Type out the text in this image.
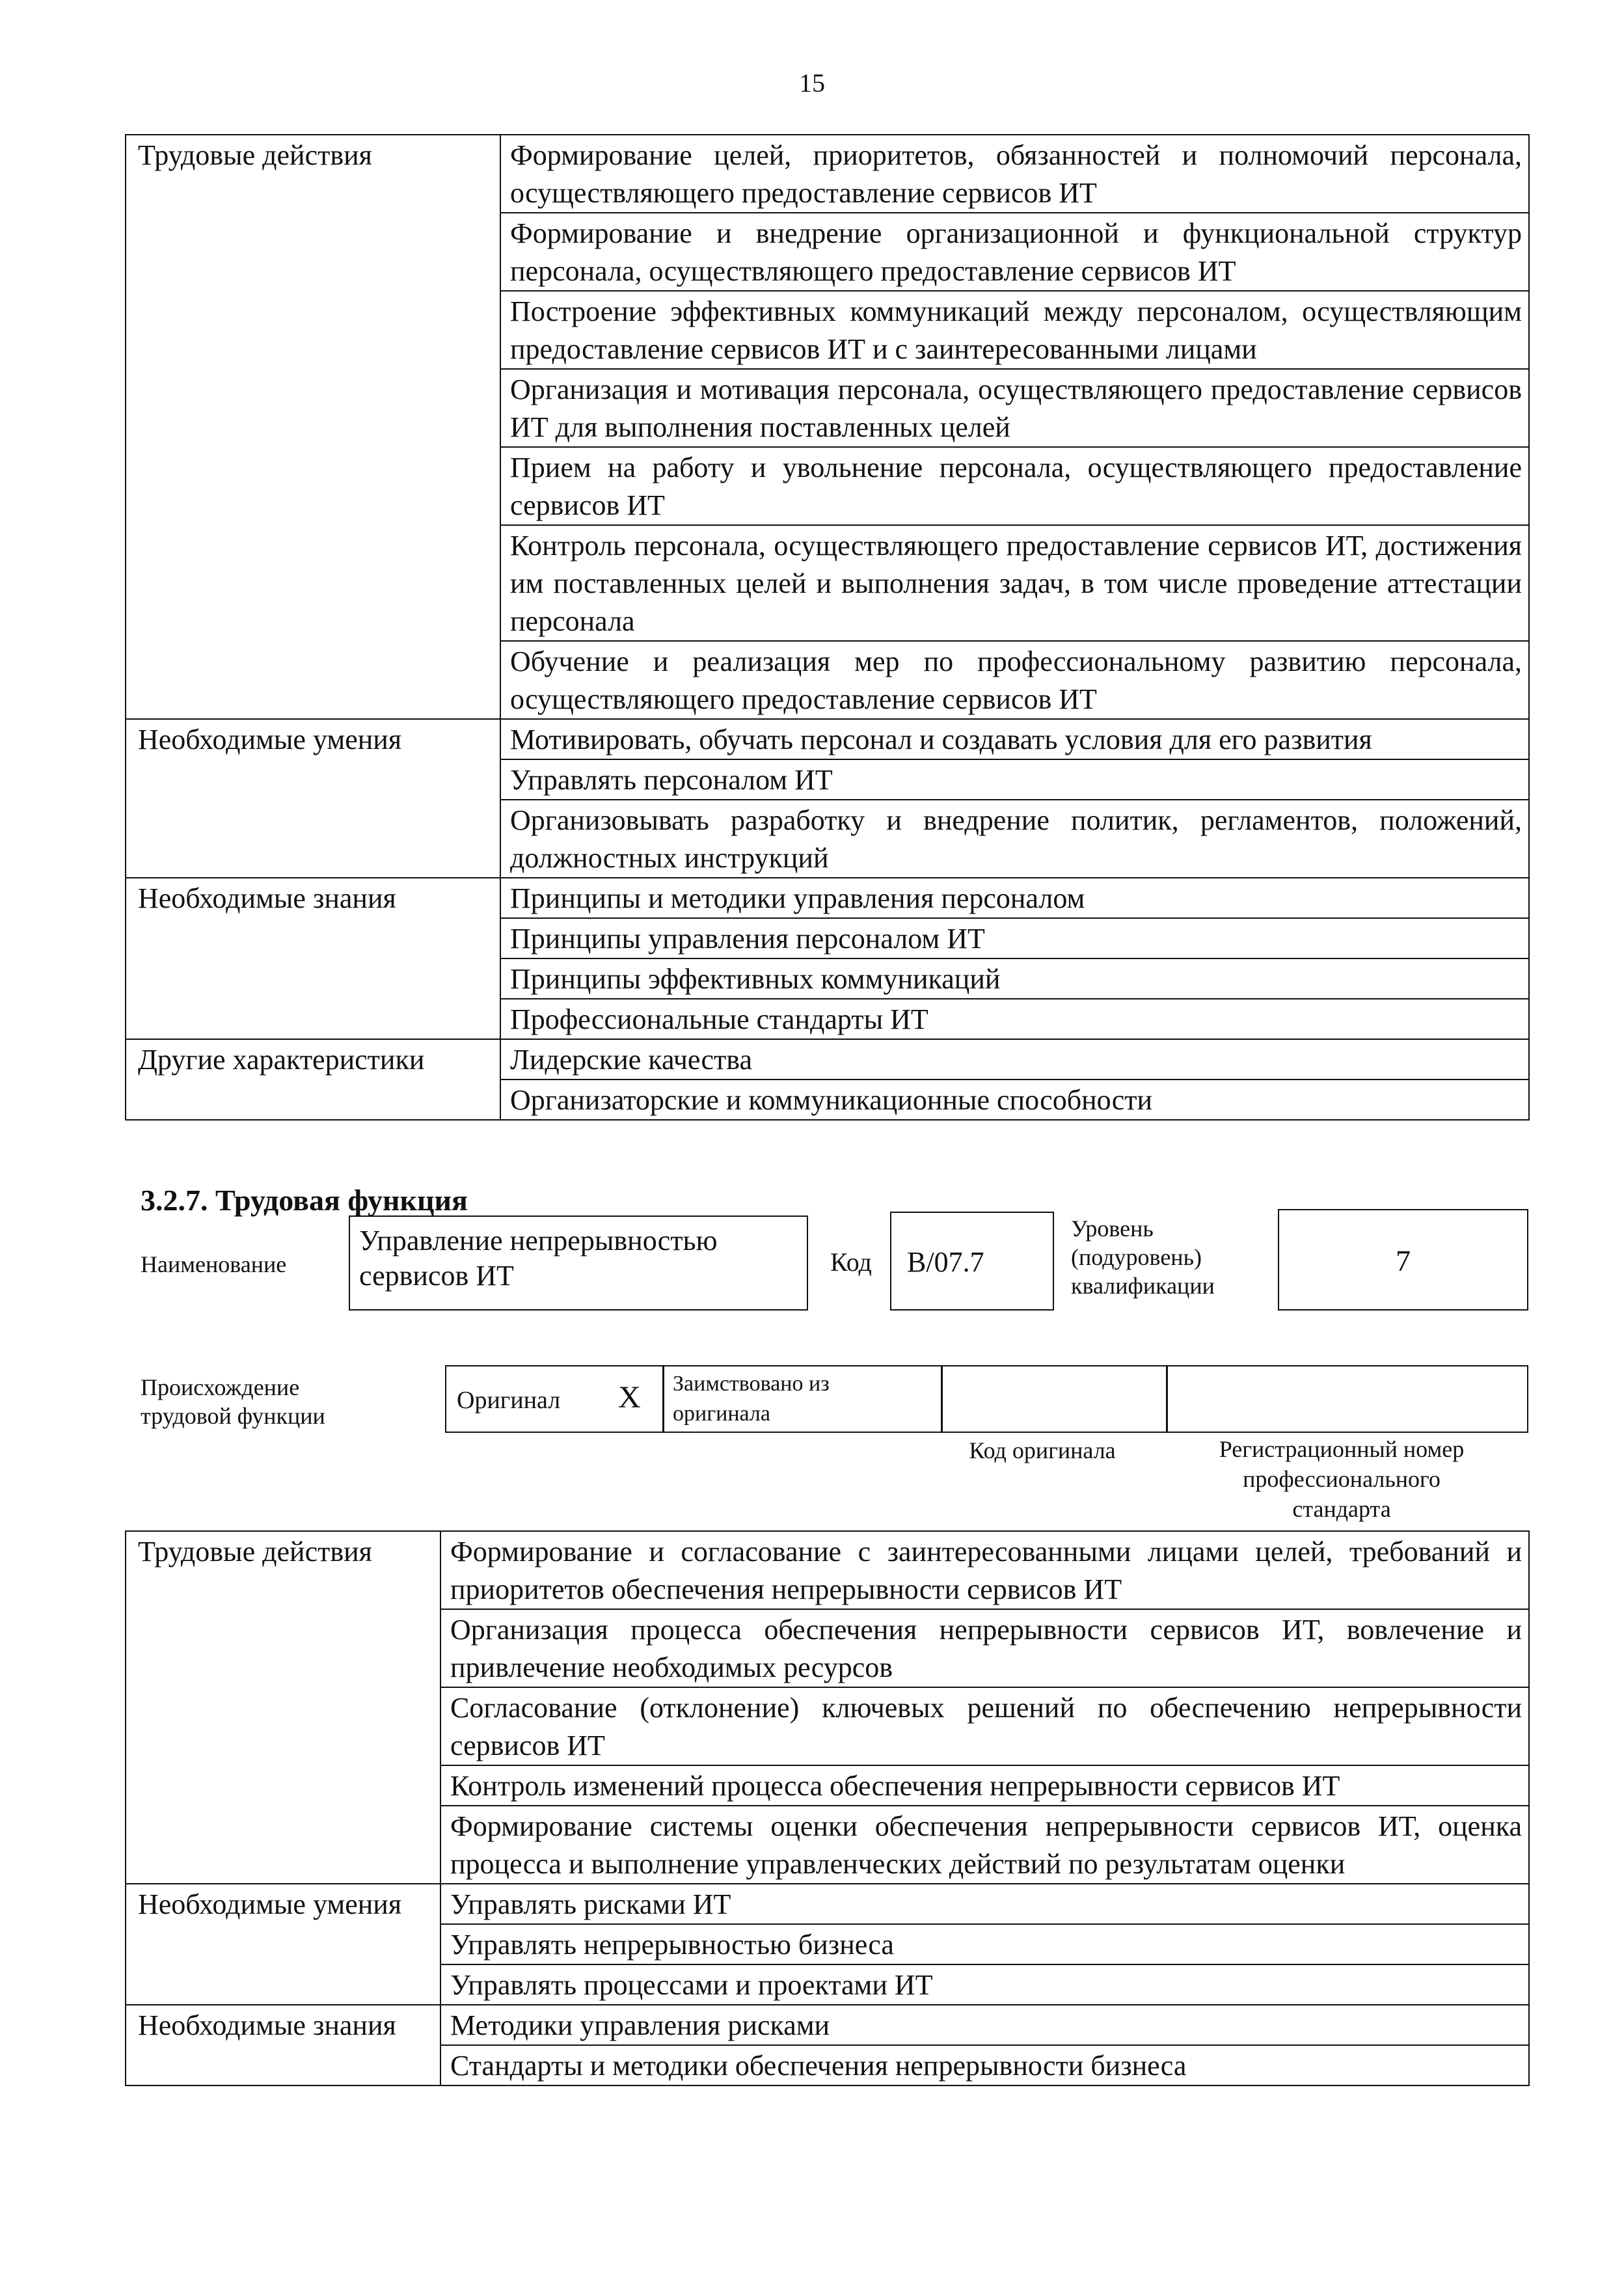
15
Трудовые действия	Формирование целей, приоритетов, обязанностей и полномочий персонала, осуществляющего предоставление сервисов ИТ
	Формирование и внедрение организационной и функциональной структур персонала, осуществляющего предоставление сервисов ИТ
	Построение эффективных коммуникаций между персоналом, осуществляющим предоставление сервисов ИТ и с заинтересованными лицами
	Организация и мотивация персонала, осуществляющего предоставление сервисов ИТ для выполнения поставленных целей
	Прием на работу и увольнение персонала, осуществляющего предоставление сервисов ИТ
	Контроль персонала, осуществляющего предоставление сервисов ИТ, достижения им поставленных целей и выполнения задач, в том числе проведение аттестации персонала
	Обучение и реализация мер по профессиональному развитию персонала, осуществляющего предоставление сервисов ИТ
Необходимые умения	Мотивировать, обучать персонал и создавать условия для его развития
	Управлять персоналом ИТ
	Организовывать разработку и внедрение политик, регламентов, положений, должностных инструкций
Необходимые знания	Принципы и методики управления персоналом
	Принципы управления персоналом ИТ
	Принципы эффективных коммуникаций
	Профессиональные стандарты ИТ
Другие характеристики	Лидерские качества
	Организаторские и коммуникационные способности
3.2.7. Трудовая функция
Наименование
Управление непрерывностью сервисов ИТ	Код	B/07.7
Уровень (подуровень) квалификации
7
Происхождение трудовой функции
Оригинал X Заимствовано из оригинала
Код оригинала	Регистрационный номер профессионального стандарта
Трудовые действия	Формирование и согласование с заинтересованными лицами целей, требований и приоритетов обеспечения непрерывности сервисов ИТ
	Организация процесса обеспечения непрерывности сервисов ИТ, вовлечение и привлечение необходимых ресурсов
	Согласование (отклонение) ключевых решений по обеспечению непрерывности сервисов ИТ
	Контроль изменений процесса обеспечения непрерывности сервисов ИТ
	Формирование системы оценки обеспечения непрерывности сервисов ИТ, оценка процесса и выполнение управленческих действий по результатам оценки
Необходимые умения	Управлять рисками ИТ
	Управлять непрерывностью бизнеса
	Управлять процессами и проектами ИТ
Необходимые знания	Методики управления рисками
	Стандарты и методики обеспечения непрерывности бизнеса
